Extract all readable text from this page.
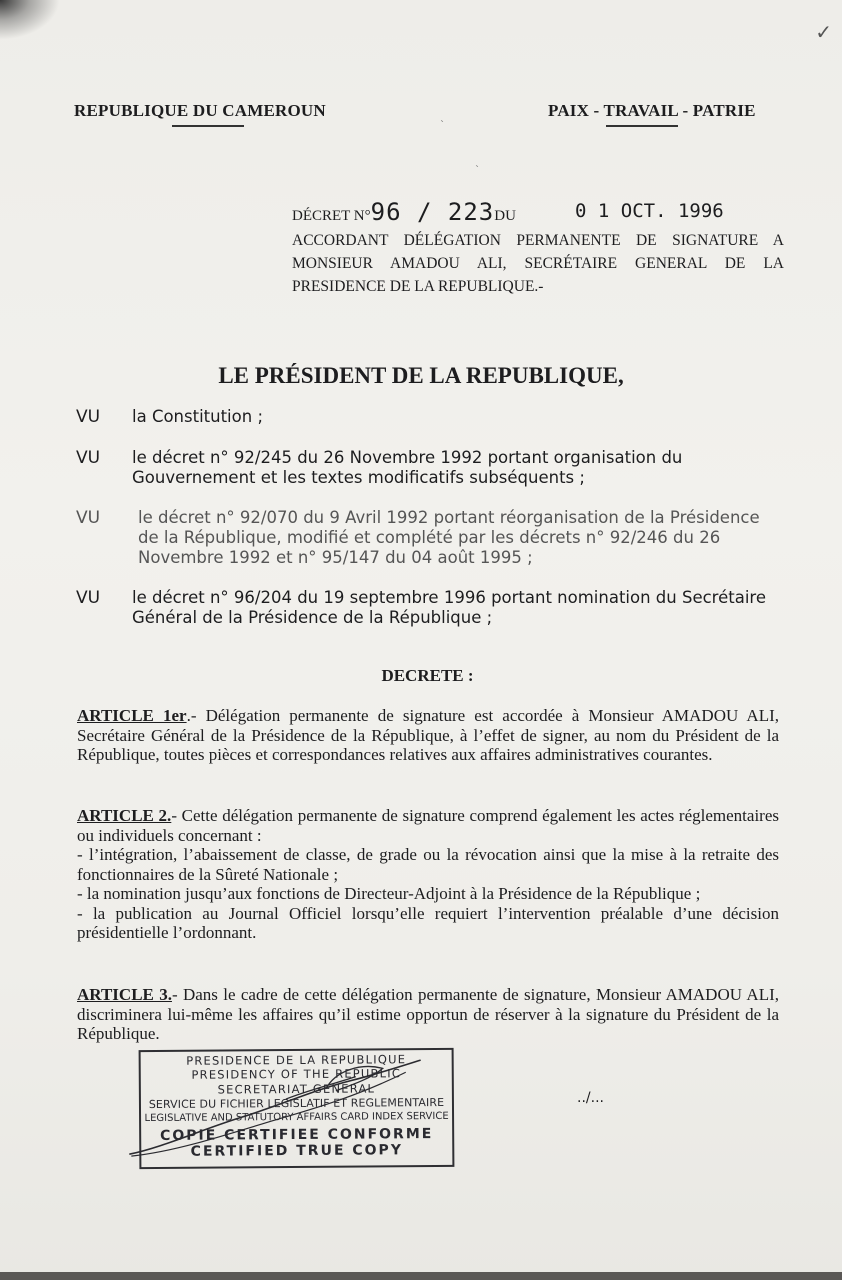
✓
ˋ
ˋ
REPUBLIQUE DU CAMEROUN	PAIX - TRAVAIL - PATRIE
DÉCRET N°96 / 223DU	0 1 OCT. 1996
ACCORDANT DÉLÉGATION PERMANENTE DE SIGNATURE A MONSIEUR AMADOU ALI, SECRÉTAIRE GENERAL DE LA PRESIDENCE DE LA REPUBLIQUE.-
LE PRÉSIDENT DE LA REPUBLIQUE,
VU la Constitution ;
VU le décret n° 92/245 du 26 Novembre 1992 portant organisation du Gouvernement et les textes modificatifs subséquents ;
VU le décret n° 92/070 du 9 Avril 1992 portant réorganisation de la Présidence de la République, modifié et complété par les décrets n° 92/246 du 26 Novembre 1992 et n° 95/147 du 04 août 1995 ;
VU le décret n° 96/204 du 19 septembre 1996 portant nomination du Secrétaire Général de la Présidence de la République ;
DECRETE :
ARTICLE 1er.- Délégation permanente de signature est accordée à Monsieur AMADOU ALI, Secrétaire Général de la Présidence de la République, à l’effet de signer, au nom du Président de la République, toutes pièces et correspondances relatives aux affaires administratives courantes.
ARTICLE 2.- Cette délégation permanente de signature comprend également les actes réglementaires ou individuels concernant :
- l’intégration, l’abaissement de classe, de grade ou la révocation ainsi que la mise à la retraite des fonctionnaires de la Sûreté Nationale ;
- la nomination jusqu’aux fonctions de Directeur-Adjoint à la Présidence de la République ;
- la publication au Journal Officiel lorsqu’elle requiert l’intervention préalable d’une décision présidentielle l’ordonnant.
ARTICLE 3.- Dans le cadre de cette délégation permanente de signature, Monsieur AMADOU ALI, discriminera lui-même les affaires qu’il estime opportun de réserver à la signature du Président de la République.
PRESIDENCE DE LA REPUBLIQUE
PRESIDENCY OF THE REPUBLIC
SECRETARIAT GENERAL
SERVICE DU FICHIER LEGISLATIF ET REGLEMENTAIRE
LEGISLATIVE AND STATUTORY AFFAIRS CARD INDEX SERVICE
COPIE CERTIFIEE CONFORME
CERTIFIED TRUE COPY
../...
